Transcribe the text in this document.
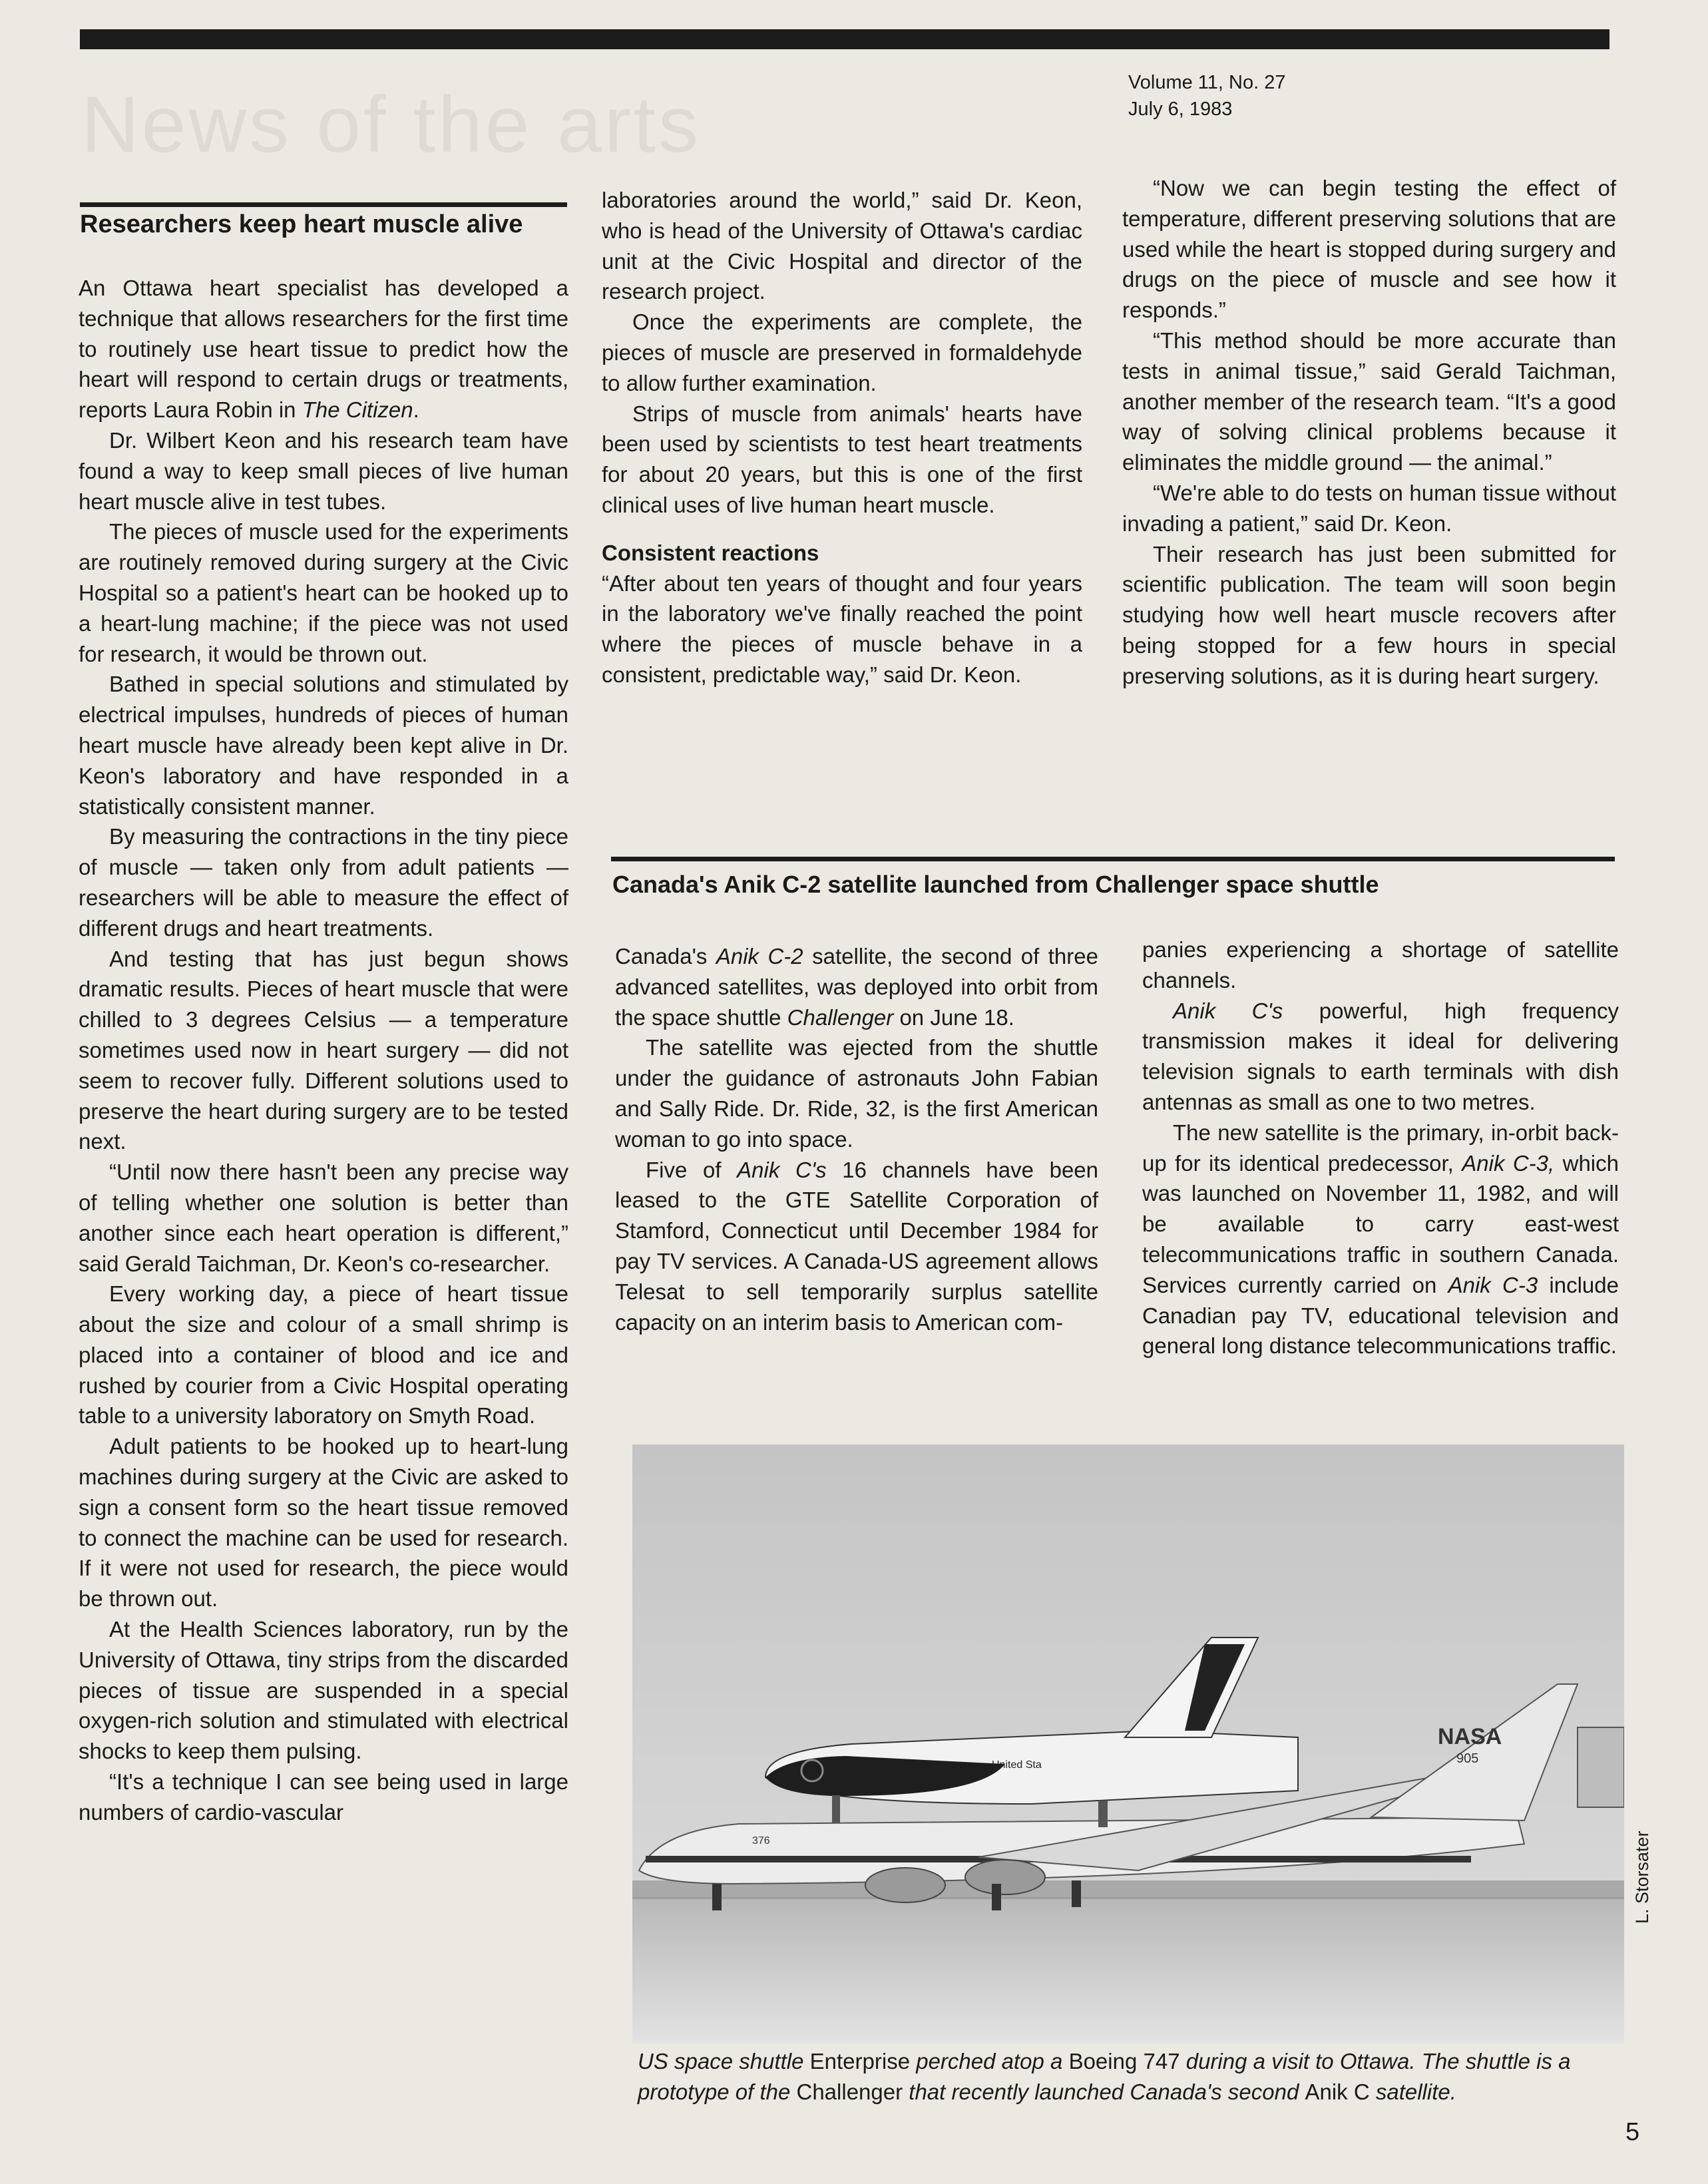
News of the arts	Volume 11, No. 27
July 6, 1983
Researchers keep heart muscle alive

An Ottawa heart specialist has developed a technique that allows researchers for the first time to routinely use heart tissue to predict how the heart will respond to certain drugs or treatments, reports Laura Robin in The Citizen.

Dr. Wilbert Keon and his research team have found a way to keep small pieces of live human heart muscle alive in test tubes.

The pieces of muscle used for the experiments are routinely removed during surgery at the Civic Hospital so a patient's heart can be hooked up to a heart-lung machine; if the piece was not used for research, it would be thrown out.

Bathed in special solutions and stimulated by electrical impulses, hundreds of pieces of human heart muscle have already been kept alive in Dr. Keon's laboratory and have responded in a statistically consistent manner.

By measuring the contractions in the tiny piece of muscle — taken only from adult patients — researchers will be able to measure the effect of different drugs and heart treatments.

And testing that has just begun shows dramatic results. Pieces of heart muscle that were chilled to 3 degrees Celsius — a temperature sometimes used now in heart surgery — did not seem to recover fully. Different solutions used to preserve the heart during surgery are to be tested next.

“Until now there hasn't been any precise way of telling whether one solution is better than another since each heart operation is different,” said Gerald Taichman, Dr. Keon's co-researcher.

Every working day, a piece of heart tissue about the size and colour of a small shrimp is placed into a container of blood and ice and rushed by courier from a Civic Hospital operating table to a university laboratory on Smyth Road.

Adult patients to be hooked up to heart-lung machines during surgery at the Civic are asked to sign a consent form so the heart tissue removed to connect the machine can be used for research. If it were not used for research, the piece would be thrown out.

At the Health Sciences laboratory, run by the University of Ottawa, tiny strips from the discarded pieces of tissue are suspended in a special oxygen-rich solution and stimulated with electrical shocks to keep them pulsing.

“It's a technique I can see being used in large numbers of cardio-vascular

laboratories around the world,” said Dr. Keon, who is head of the University of Ottawa's cardiac unit at the Civic Hospital and director of the research project.

Once the experiments are complete, the pieces of muscle are preserved in formaldehyde to allow further examination.

Strips of muscle from animals' hearts have been used by scientists to test heart treatments for about 20 years, but this is one of the first clinical uses of live human heart muscle.

Consistent reactions

“After about ten years of thought and four years in the laboratory we've finally reached the point where the pieces of muscle behave in a consistent, predictable way,” said Dr. Keon.

“Now we can begin testing the effect of temperature, different preserving solutions that are used while the heart is stopped during surgery and drugs on the piece of muscle and see how it responds.”

“This method should be more accurate than tests in animal tissue,” said Gerald Taichman, another member of the research team. “It's a good way of solving clinical problems because it eliminates the middle ground — the animal.”

“We're able to do tests on human tissue without invading a patient,” said Dr. Keon.

Their research has just been submitted for scientific publication. The team will soon begin studying how well heart muscle recovers after being stopped for a few hours in special preserving solutions, as it is during heart surgery.

Canada's Anik C-2 satellite launched from Challenger space shuttle

Canada's Anik C-2 satellite, the second of three advanced satellites, was deployed into orbit from the space shuttle Challenger on June 18.

The satellite was ejected from the shuttle under the guidance of astronauts John Fabian and Sally Ride. Dr. Ride, 32, is the first American woman to go into space.

Five of Anik C's 16 channels have been leased to the GTE Satellite Corporation of Stamford, Connecticut until December 1984 for pay TV services. A Canada-US agreement allows Telesat to sell temporarily surplus satellite capacity on an interim basis to American com-

panies experiencing a shortage of satellite channels.

Anik C's powerful, high frequency transmission makes it ideal for delivering television signals to earth terminals with dish antennas as small as one to two metres.

The new satellite is the primary, in-orbit back-up for its identical predecessor, Anik C-3, which was launched on November 11, 1982, and will be available to carry east-west telecommunications traffic in southern Canada. Services currently carried on Anik C-3 include Canadian pay TV, educational television and general long distance telecommunications traffic.

NASA
905
United Sta
376	L. Storsater
US space shuttle Enterprise perched atop a Boeing 747 during a visit to Ottawa. The shuttle is a prototype of the Challenger that recently launched Canada's second Anik C satellite.
5
